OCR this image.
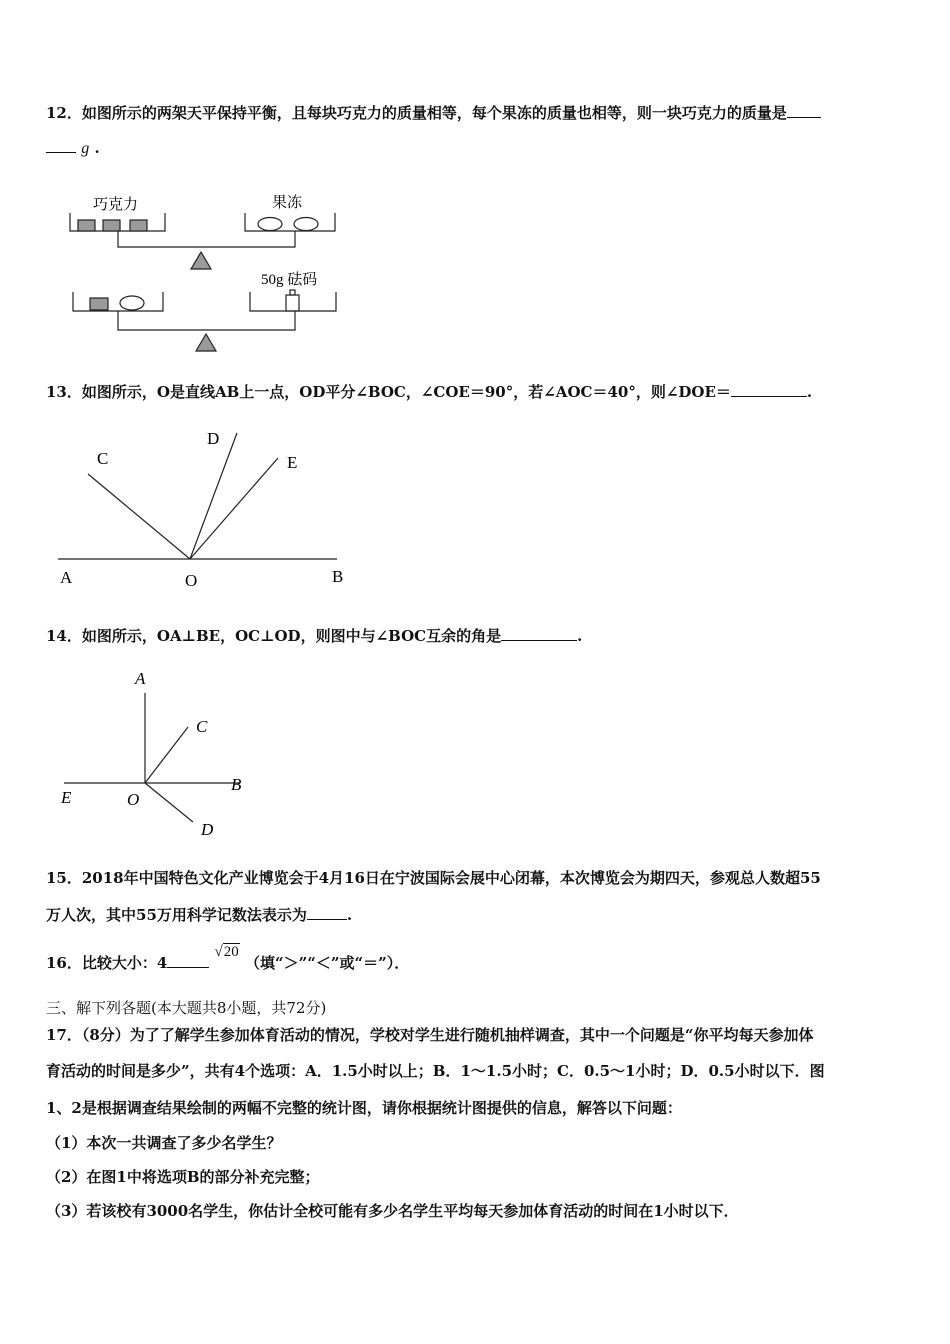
12．如图所示的两架天平保持平衡，且每块巧克力的质量相等，每个果冻的质量也相等，则一块巧克力的质量是
g .
巧克力	果冻
50g 砝码
13．如图所示，O是直线AB上一点，OD平分∠BOC，∠COE＝90°，若∠AOC＝40°，则∠DOE＝	.
A	O	B
C
D
E
14．如图所示，OA⊥BE，OC⊥OD，则图中与∠BOC互余的角是	.
A
C
B
E	O
D
15．2018年中国特色文化产业博览会于4月16日在宁波国际会展中心闭幕，本次博览会为期四天，参观总人数超55
万人次，其中55万用科学记数法表示为	.
16．比较大小：4 √20 （填“＞”“＜”或“＝”）．
三、解下列各题(本大题共8小题，共72分)
17．（8分）为了了解学生参加体育活动的情况，学校对学生进行随机抽样调查，其中一个问题是“你平均每天参加体
育活动的时间是多少”，共有4个选项：A．1.5小时以上；B．1～1.5小时；C．0.5～1小时；D．0.5小时以下．图
1、2是根据调查结果绘制的两幅不完整的统计图，请你根据统计图提供的信息，解答以下问题：
（1）本次一共调查了多少名学生？
（2）在图1中将选项B的部分补充完整；
（3）若该校有3000名学生，你估计全校可能有多少名学生平均每天参加体育活动的时间在1小时以下．
